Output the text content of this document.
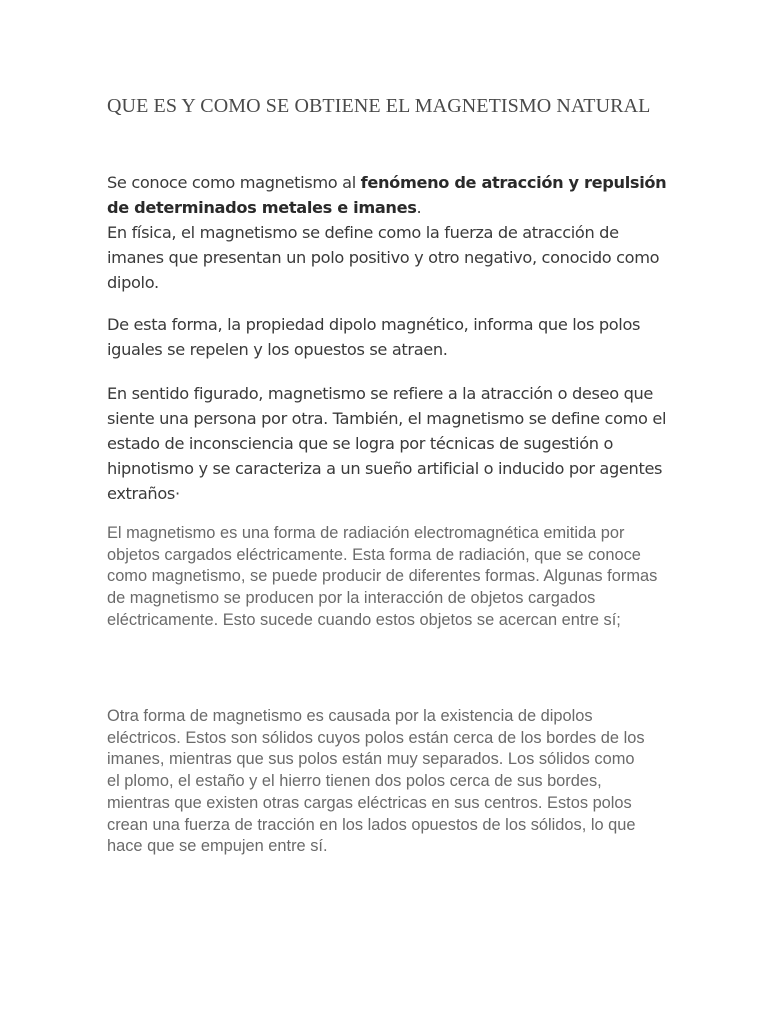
QUE ES Y COMO SE OBTIENE EL MAGNETISMO NATURAL

Se conoce como magnetismo al fenómeno de atracción y repulsión de determinados metales e imanes.
En física, el magnetismo se define como la fuerza de atracción de imanes que presentan un polo positivo y otro negativo, conocido como dipolo.

De esta forma, la propiedad dipolo magnético, informa que los polos iguales se repelen y los opuestos se atraen.

En sentido figurado, magnetismo se refiere a la atracción o deseo que siente una persona por otra. También, el magnetismo se define como el estado de inconsciencia que se logra por técnicas de sugestión o hipnotismo y se caracteriza a un sueño artificial o inducido por agentes extraños·

El magnetismo es una forma de radiación electromagnética emitida por objetos cargados eléctricamente. Esta forma de radiación, que se conoce como magnetismo, se puede producir de diferentes formas. Algunas formas de magnetismo se producen por la interacción de objetos cargados eléctricamente. Esto sucede cuando estos objetos se acercan entre sí;

Otra forma de magnetismo es causada por la existencia de dipolos eléctricos. Estos son sólidos cuyos polos están cerca de los bordes de los imanes, mientras que sus polos están muy separados. Los sólidos como el plomo, el estaño y el hierro tienen dos polos cerca de sus bordes, mientras que existen otras cargas eléctricas en sus centros. Estos polos crean una fuerza de tracción en los lados opuestos de los sólidos, lo que hace que se empujen entre sí.
